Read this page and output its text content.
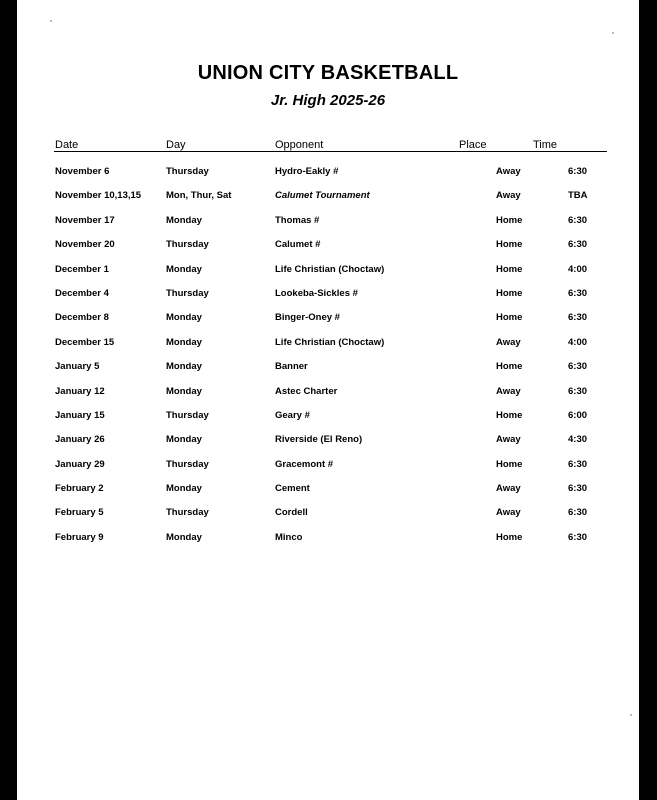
UNION CITY BASKETBALL
Jr. High 2025-26
Date	Day	Opponent	Place	Time
November 6	Thursday	Hydro-Eakly #	Away	6:30
November 10,13,15	Mon, Thur, Sat	Calumet Tournament	Away	TBA
November 17	Monday	Thomas #	Home	6:30
November 20	Thursday	Calumet #	Home	6:30
December 1	Monday	Life Christian (Choctaw)	Home	4:00
December 4	Thursday	Lookeba-Sickles #	Home	6:30
December 8	Monday	Binger-Oney #	Home	6:30
December 15	Monday	Life Christian (Choctaw)	Away	4:00
January 5	Monday	Banner	Home	6:30
January 12	Monday	Astec Charter	Away	6:30
January 15	Thursday	Geary #	Home	6:00
January 26	Monday	Riverside (El Reno)	Away	4:30
January 29	Thursday	Gracemont #	Home	6:30
February 2	Monday	Cement	Away	6:30
February 5	Thursday	Cordell	Away	6:30
February 9	Monday	Minco	Home	6:30
